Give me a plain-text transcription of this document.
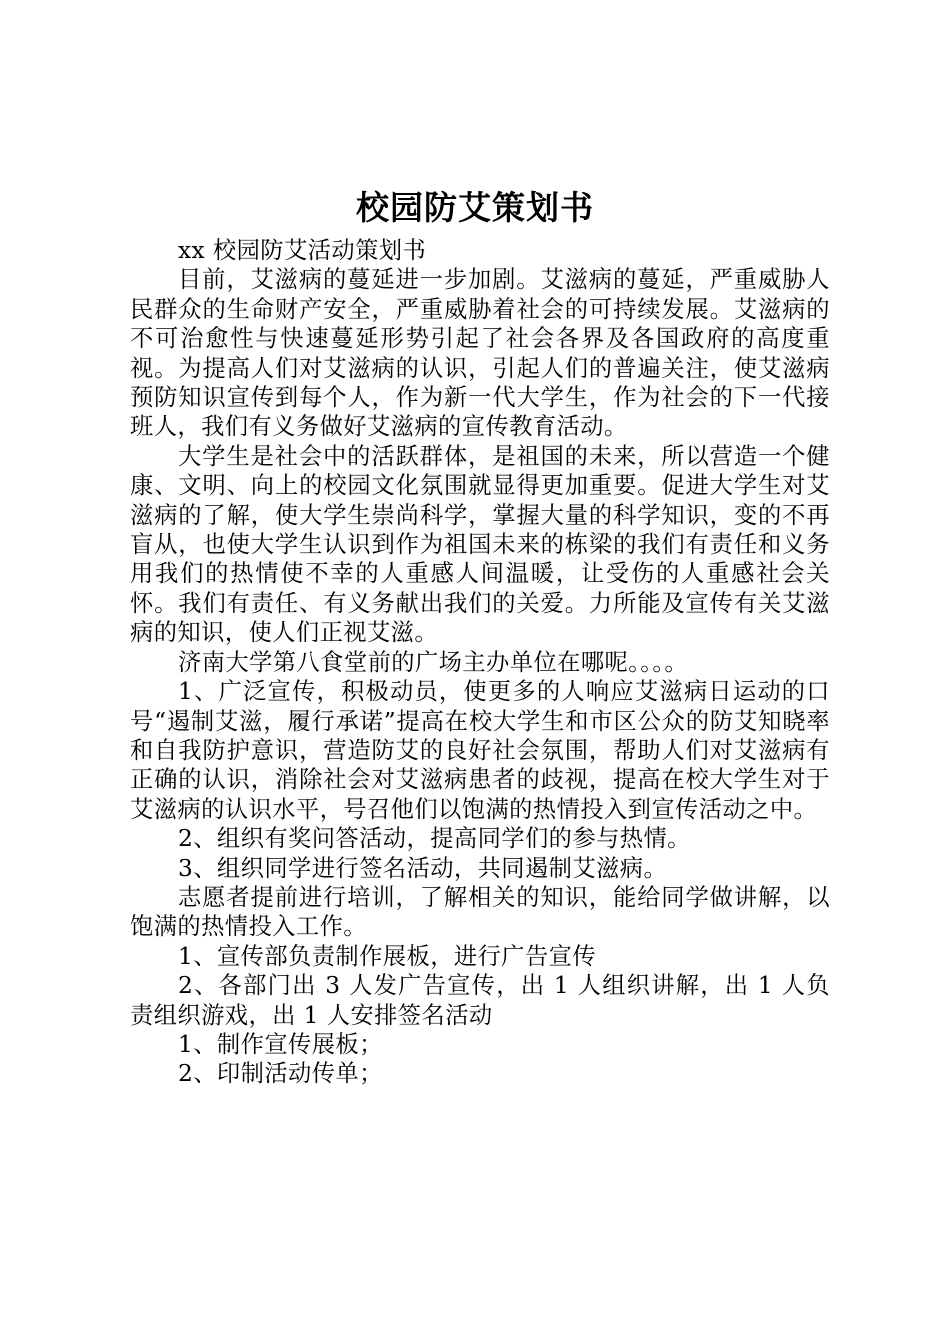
校园防艾策划书

xx 校园防艾活动策划书

目前，艾滋病的蔓延进一步加剧。艾滋病的蔓延，严重威胁人民群众的生命财产安全，严重威胁着社会的可持续发展。艾滋病的不可治愈性与快速蔓延形势引起了社会各界及各国政府的高度重视。为提高人们对艾滋病的认识，引起人们的普遍关注，使艾滋病预防知识宣传到每个人，作为新一代大学生，作为社会的下一代接班人，我们有义务做好艾滋病的宣传教育活动。

大学生是社会中的活跃群体，是祖国的未来，所以营造一个健康、文明、向上的校园文化氛围就显得更加重要。促进大学生对艾滋病的了解，使大学生崇尚科学，掌握大量的科学知识，变的不再盲从，也使大学生认识到作为祖国未来的栋梁的我们有责任和义务用我们的热情使不幸的人重感人间温暖，让受伤的人重感社会关怀。我们有责任、有义务献出我们的关爱。力所能及宣传有关艾滋病的知识，使人们正视艾滋。

济南大学第八食堂前的广场主办单位在哪呢。。。。

1、广泛宣传，积极动员，使更多的人响应艾滋病日运动的口号“遏制艾滋，履行承诺”提高在校大学生和市区公众的防艾知晓率和自我防护意识，营造防艾的良好社会氛围，帮助人们对艾滋病有正确的认识，消除社会对艾滋病患者的歧视，提高在校大学生对于艾滋病的认识水平，号召他们以饱满的热情投入到宣传活动之中。

2、组织有奖问答活动，提高同学们的参与热情。

3、组织同学进行签名活动，共同遏制艾滋病。

志愿者提前进行培训，了解相关的知识，能给同学做讲解，以饱满的热情投入工作。

1、宣传部负责制作展板，进行广告宣传

2、各部门出 3 人发广告宣传，出 1 人组织讲解，出 1 人负责组织游戏，出 1 人安排签名活动

1、制作宣传展板；

2、印制活动传单；
